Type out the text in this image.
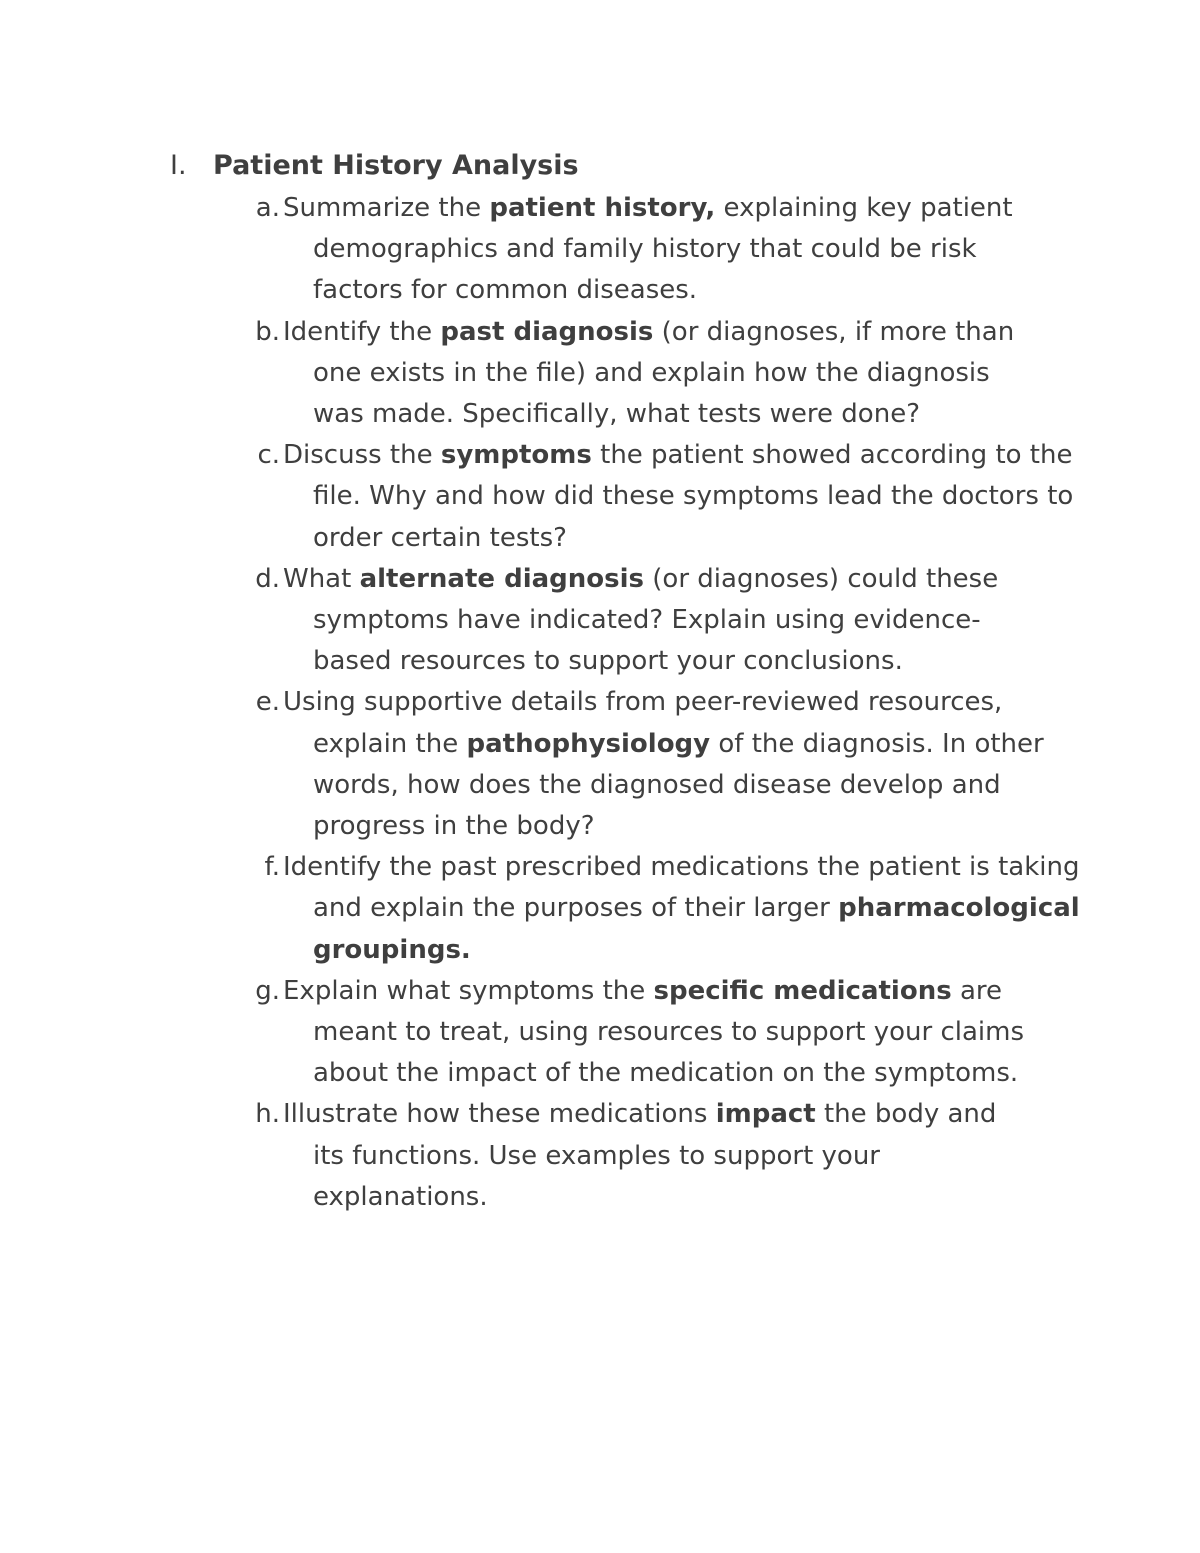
I. Patient History Analysis
a. Summarize the patient history, explaining key patient demographics and family history that could be risk factors for common diseases.
b. Identify the past diagnosis (or diagnoses, if more than one exists in the file) and explain how the diagnosis was made. Specifically, what tests were done?
c. Discuss the symptoms the patient showed according to the file. Why and how did these symptoms lead the doctors to order certain tests?
d. What alternate diagnosis (or diagnoses) could these symptoms have indicated? Explain using evidence-based resources to support your conclusions.
e. Using supportive details from peer-reviewed resources, explain the pathophysiology of the diagnosis. In other words, how does the diagnosed disease develop and progress in the body?
f. Identify the past prescribed medications the patient is taking and explain the purposes of their larger pharmacological groupings.
g. Explain what symptoms the specific medications are meant to treat, using resources to support your claims about the impact of the medication on the symptoms.
h. Illustrate how these medications impact the body and its functions. Use examples to support your explanations.
